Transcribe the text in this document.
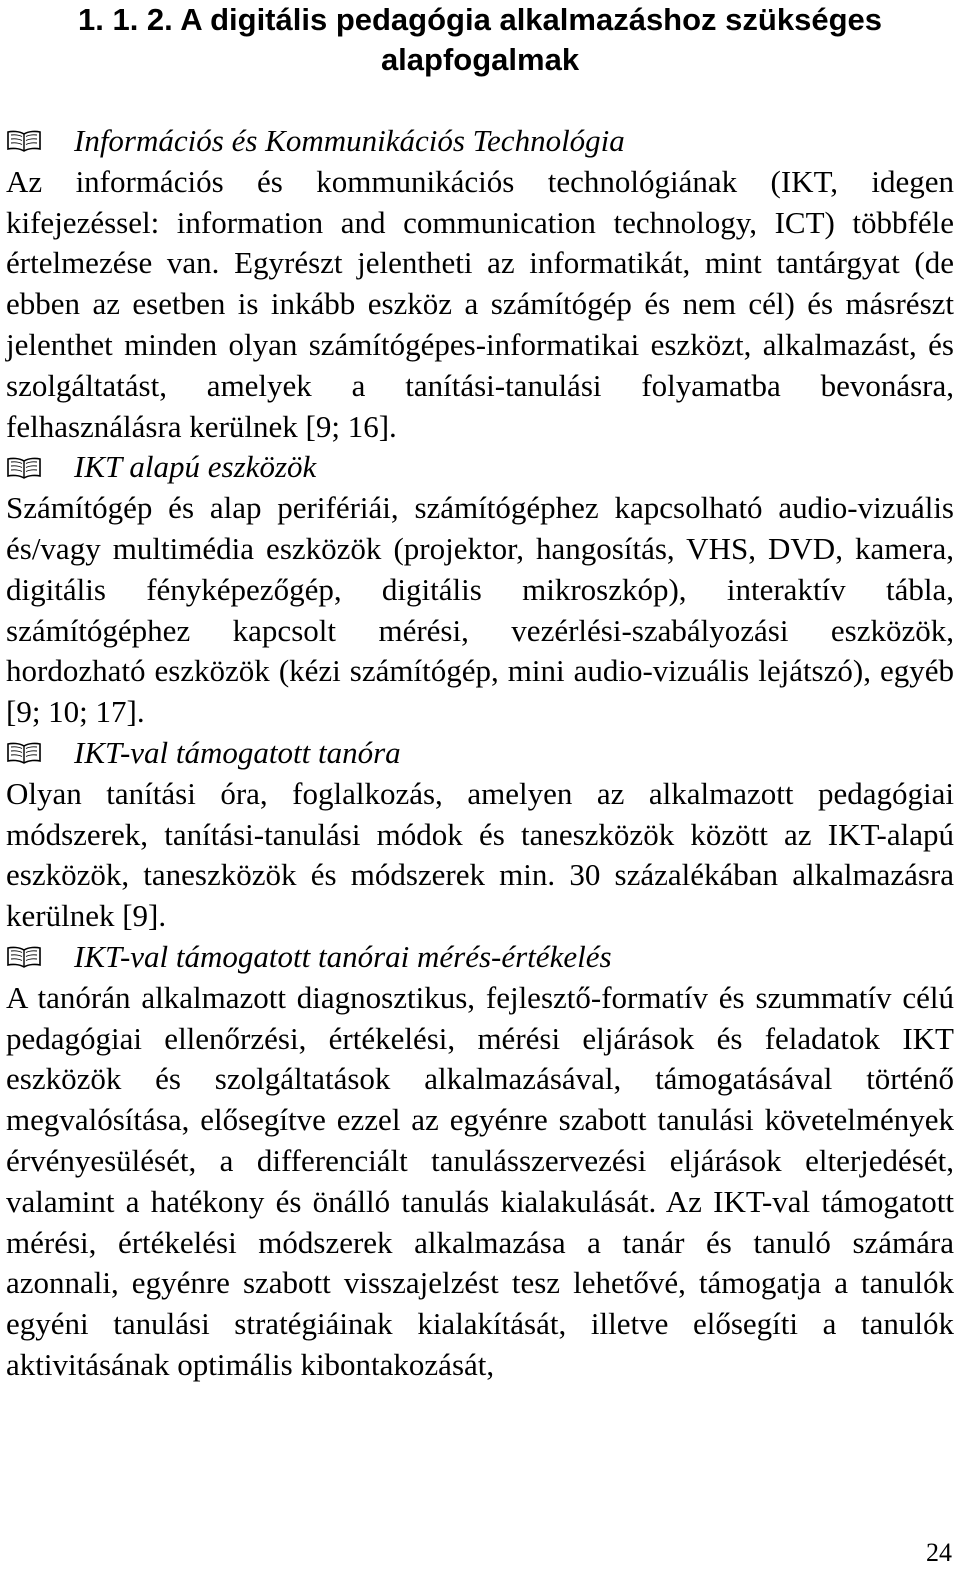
1. 1. 2. A digitális pedagógia alkalmazáshoz szükséges
alapfogalmak

Információs és Kommunikációs Technológia

Az információs és kommunikációs technológiának (IKT, idegen kifejezéssel: information and communication technology, ICT) többféle értelmezése van. Egyrészt jelentheti az informatikát, mint tantárgyat (de ebben az esetben is inkább eszköz a számítógép és nem cél) és másrészt jelenthet minden olyan számítógépes-informatikai eszközt, alkalmazást, és szolgáltatást, amelyek a tanítási-tanulási folyamatba bevonásra, felhasználásra kerülnek [9; 16].

IKT alapú eszközök

Számítógép és alap perifériái, számítógéphez kapcsolható audio-vizuális és/vagy multimédia eszközök (projektor, hangosítás, VHS, DVD, kamera, digitális fényképezőgép, digitális mikroszkóp), interaktív tábla, számítógéphez kapcsolt mérési, vezérlési-szabályozási eszközök, hordozható eszközök (kézi számítógép, mini audio-vizuális lejátszó), egyéb [9; 10; 17].

IKT-val támogatott tanóra

Olyan tanítási óra, foglalkozás, amelyen az alkalmazott pedagógiai módszerek, tanítási-tanulási módok és taneszközök között az IKT-alapú eszközök, taneszközök és módszerek min. 30 százalékában alkalmazásra kerülnek [9].

IKT-val támogatott tanórai mérés-értékelés

A tanórán alkalmazott diagnosztikus, fejlesztő-formatív és szummatív célú pedagógiai ellenőrzési, értékelési, mérési eljárások és feladatok IKT eszközök és szolgáltatások alkalmazásával, támogatásával történő megvalósítása, elősegítve ezzel az egyénre szabott tanulási követelmények érvényesülését, a differenciált tanulásszervezési eljárások elterjedését, valamint a hatékony és önálló tanulás kialakulását. Az IKT-val támogatott mérési, értékelési módszerek alkalmazása a tanár és tanuló számára azonnali, egyénre szabott visszajelzést tesz lehetővé, támogatja a tanulók egyéni tanulási stratégiáinak kialakítását, illetve elősegíti a tanulók aktivitásának optimális kibontakozását,

24
